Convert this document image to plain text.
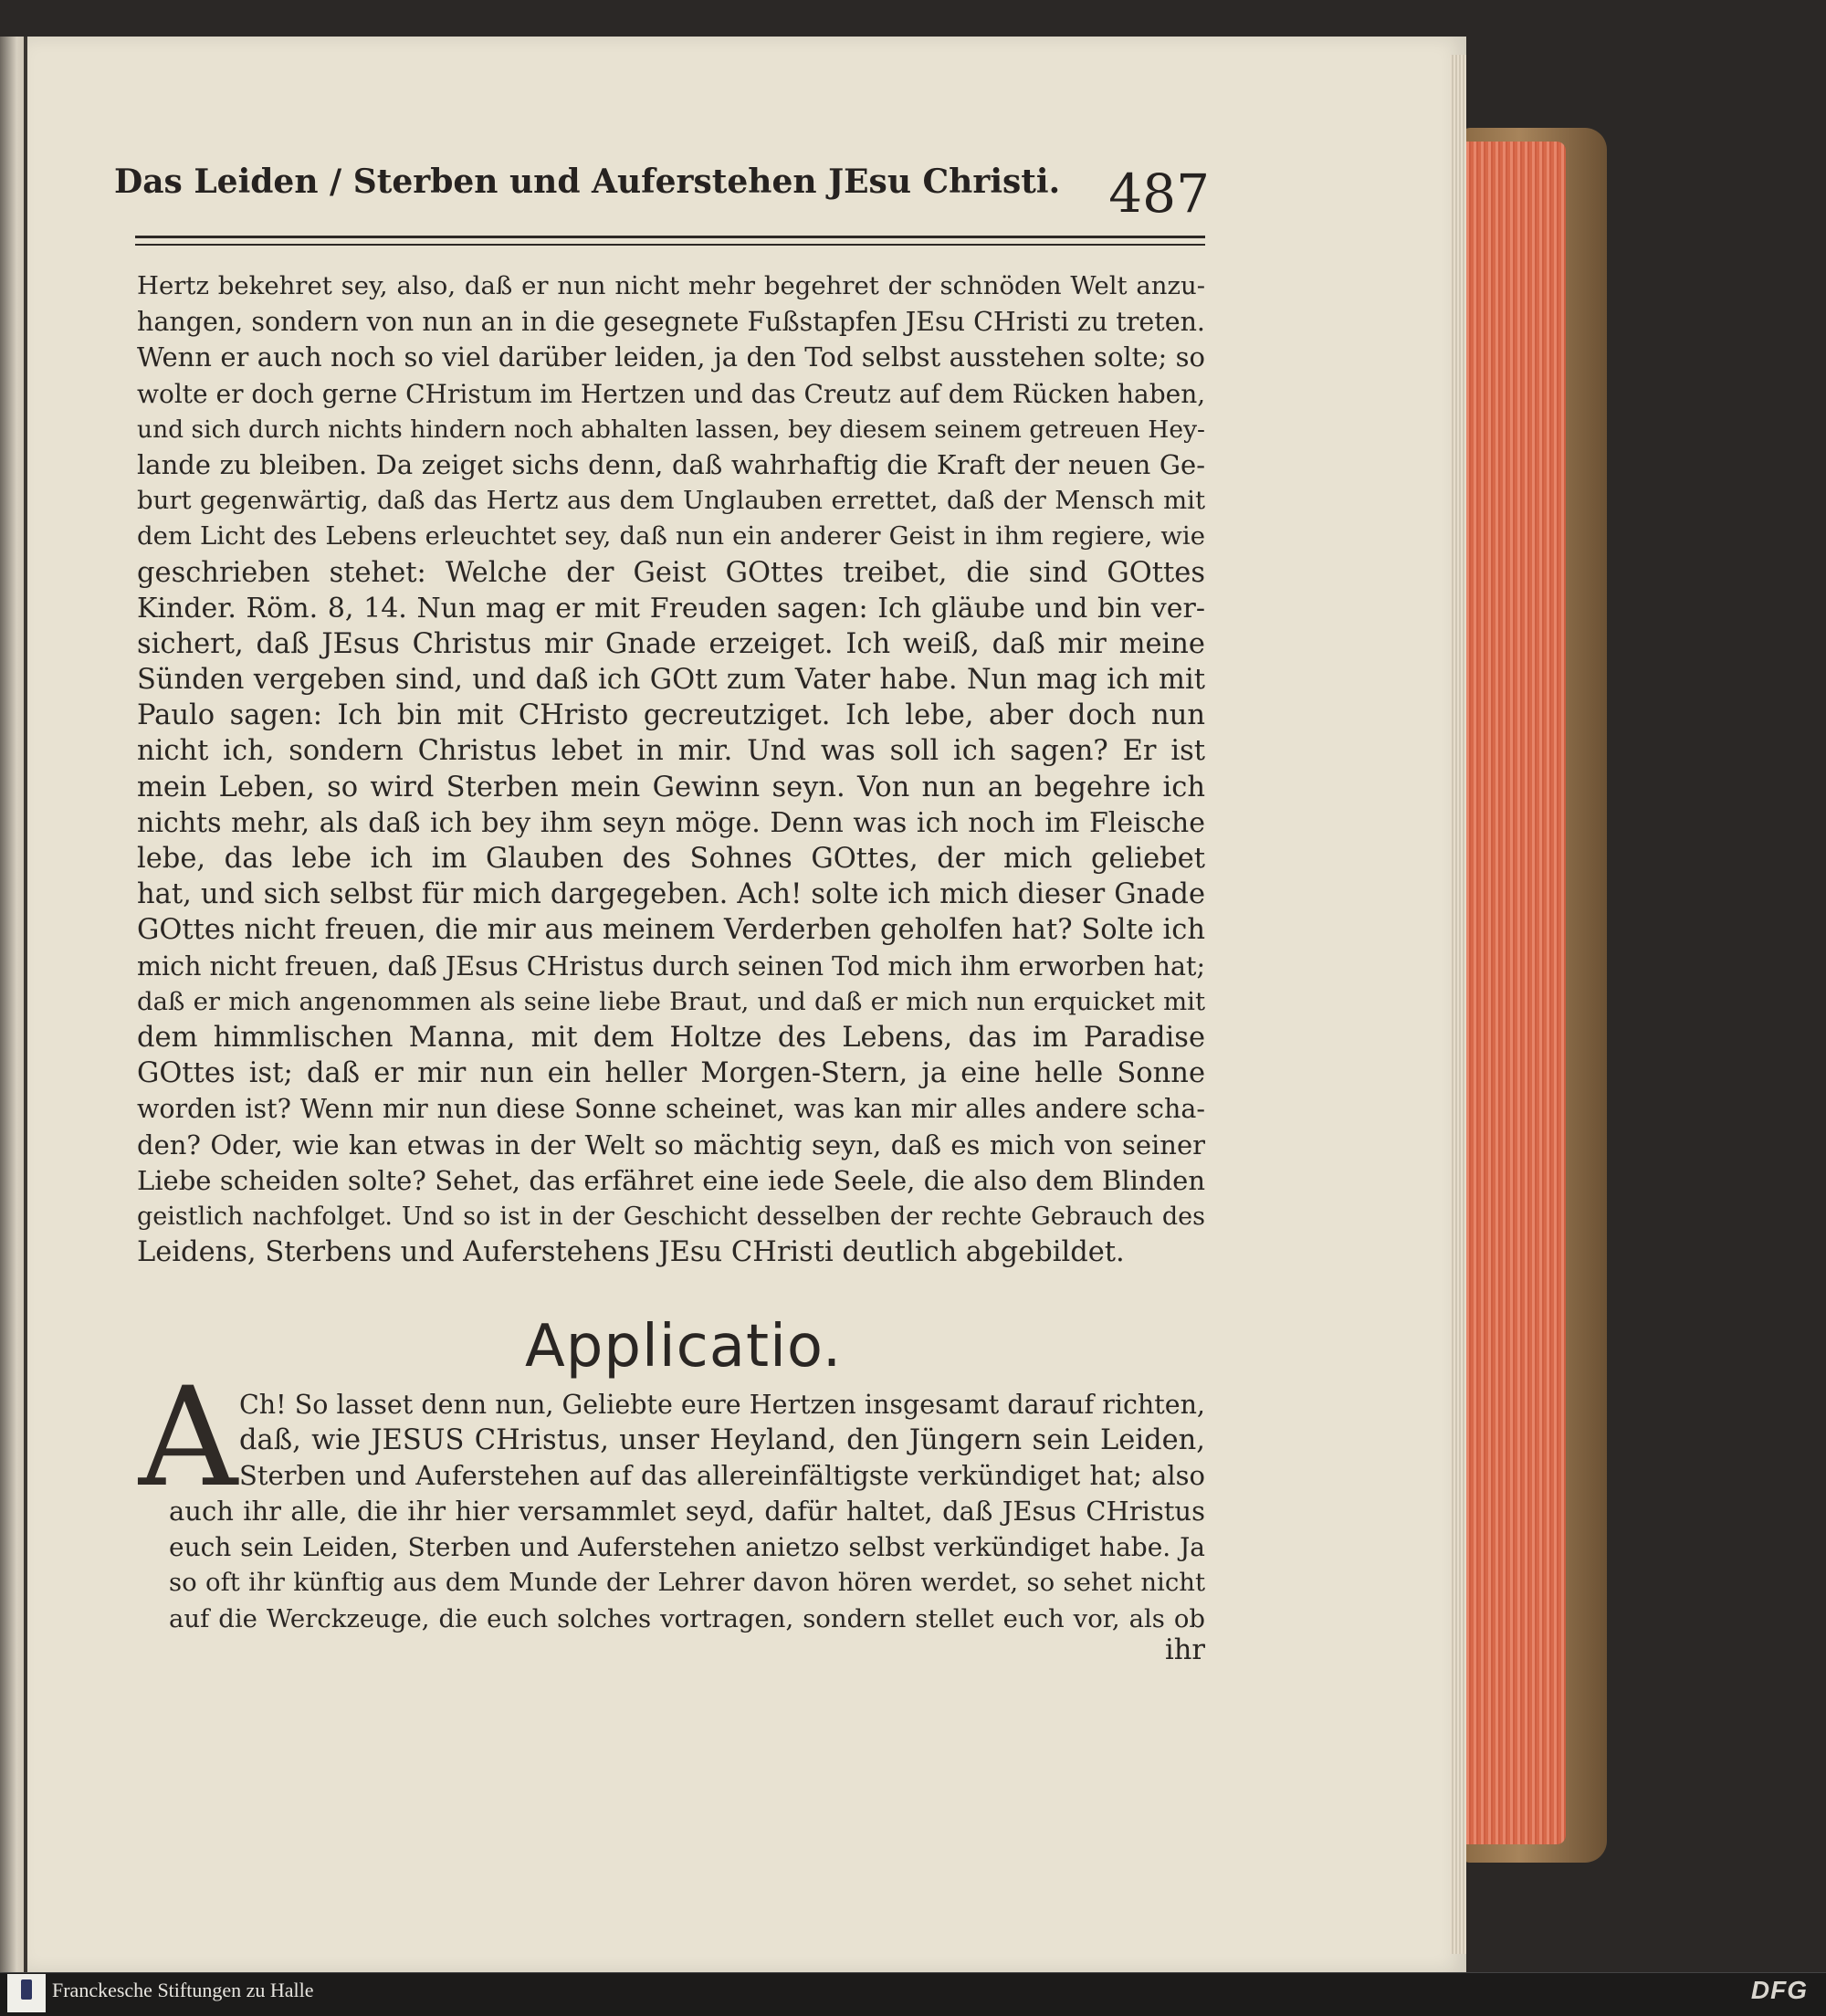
Das Leiden / Sterben und Auferstehen JEsu Christi. 487
Hertz bekehret sey, also, daß er nun nicht mehr begehret der schnöden Welt anzu-
hangen, sondern von nun an in die gesegnete Fußstapfen JEsu CHristi zu treten.
Wenn er auch noch so viel darüber leiden, ja den Tod selbst ausstehen solte; so
wolte er doch gerne CHristum im Hertzen und das Creutz auf dem Rücken haben,
und sich durch nichts hindern noch abhalten lassen, bey diesem seinem getreuen Hey-
lande zu bleiben. Da zeiget sichs denn, daß wahrhaftig die Kraft der neuen Ge-
burt gegenwärtig, daß das Hertz aus dem Unglauben errettet, daß der Mensch mit
dem Licht des Lebens erleuchtet sey, daß nun ein anderer Geist in ihm regiere, wie
geschrieben stehet: Welche der Geist GOttes treibet, die sind GOttes
Kinder. Röm. 8, 14. Nun mag er mit Freuden sagen: Ich gläube und bin ver-
sichert, daß JEsus Christus mir Gnade erzeiget. Ich weiß, daß mir meine
Sünden vergeben sind, und daß ich GOtt zum Vater habe. Nun mag ich mit
Paulo sagen: Ich bin mit CHristo gecreutziget. Ich lebe, aber doch nun
nicht ich, sondern Christus lebet in mir. Und was soll ich sagen? Er ist
mein Leben, so wird Sterben mein Gewinn seyn. Von nun an begehre ich
nichts mehr, als daß ich bey ihm seyn möge. Denn was ich noch im Fleische
lebe, das lebe ich im Glauben des Sohnes GOttes, der mich geliebet
hat, und sich selbst für mich dargegeben. Ach! solte ich mich dieser Gnade
GOttes nicht freuen, die mir aus meinem Verderben geholfen hat? Solte ich
mich nicht freuen, daß JEsus CHristus durch seinen Tod mich ihm erworben hat;
daß er mich angenommen als seine liebe Braut, und daß er mich nun erquicket mit
dem himmlischen Manna, mit dem Holtze des Lebens, das im Paradise
GOttes ist; daß er mir nun ein heller Morgen-Stern, ja eine helle Sonne
worden ist? Wenn mir nun diese Sonne scheinet, was kan mir alles andere scha-
den? Oder, wie kan etwas in der Welt so mächtig seyn, daß es mich von seiner
Liebe scheiden solte? Sehet, das erfähret eine iede Seele, die also dem Blinden
geistlich nachfolget. Und so ist in der Geschicht desselben der rechte Gebrauch des
Leidens, Sterbens und Auferstehens JEsu CHristi deutlich abgebildet.
Applicatio.
A Ch! So lasset denn nun, Geliebte eure Hertzen insgesamt darauf richten,
daß, wie JESUS CHristus, unser Heyland, den Jüngern sein Leiden,
Sterben und Auferstehen auf das allereinfältigste verkündiget hat; also
auch ihr alle, die ihr hier versammlet seyd, dafür haltet, daß JEsus CHristus
euch sein Leiden, Sterben und Auferstehen anietzo selbst verkündiget habe. Ja
so oft ihr künftig aus dem Munde der Lehrer davon hören werdet, so sehet nicht
auf die Werckzeuge, die euch solches vortragen, sondern stellet euch vor, als ob
ihr
Franckesche Stiftungen zu Halle	DFG
